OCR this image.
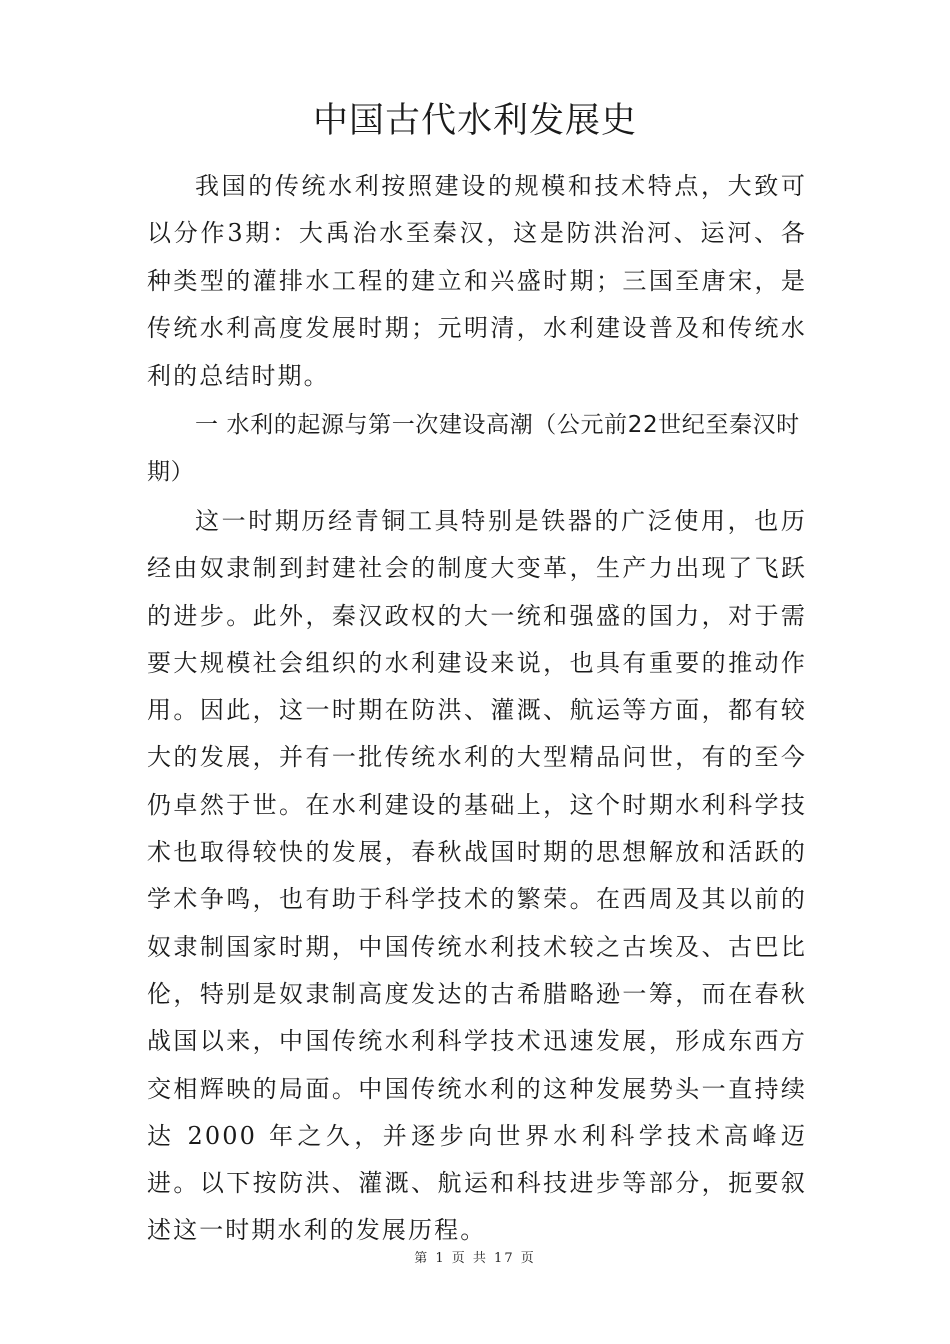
中国古代水利发展史

我国的传统水利按照建设的规模和技术特点，大致可以分作3期：大禹治水至秦汉，这是防洪治河、运河、各种类型的灌排水工程的建立和兴盛时期；三国至唐宋，是传统水利高度发展时期；元明清，水利建设普及和传统水利的总结时期。

一 水利的起源与第一次建设高潮（公元前22世纪至秦汉时期）

这一时期历经青铜工具特别是铁器的广泛使用，也历经由奴隶制到封建社会的制度大变革，生产力出现了飞跃的进步。此外，秦汉政权的大一统和强盛的国力，对于需要大规模社会组织的水利建设来说，也具有重要的推动作用。因此，这一时期在防洪、灌溉、航运等方面，都有较大的发展，并有一批传统水利的大型精品问世，有的至今仍卓然于世。在水利建设的基础上，这个时期水利科学技术也取得较快的发展，春秋战国时期的思想解放和活跃的学术争鸣，也有助于科学技术的繁荣。在西周及其以前的奴隶制国家时期，中国传统水利技术较之古埃及、古巴比伦，特别是奴隶制高度发达的古希腊略逊一筹，而在春秋战国以来，中国传统水利科学技术迅速发展，形成东西方交相辉映的局面。中国传统水利的这种发展势头一直持续达 2000 年之久，并逐步向世界水利科学技术高峰迈进。以下按防洪、灌溉、航运和科技进步等部分，扼要叙述这一时期水利的发展历程。

第 1 页 共 17 页
